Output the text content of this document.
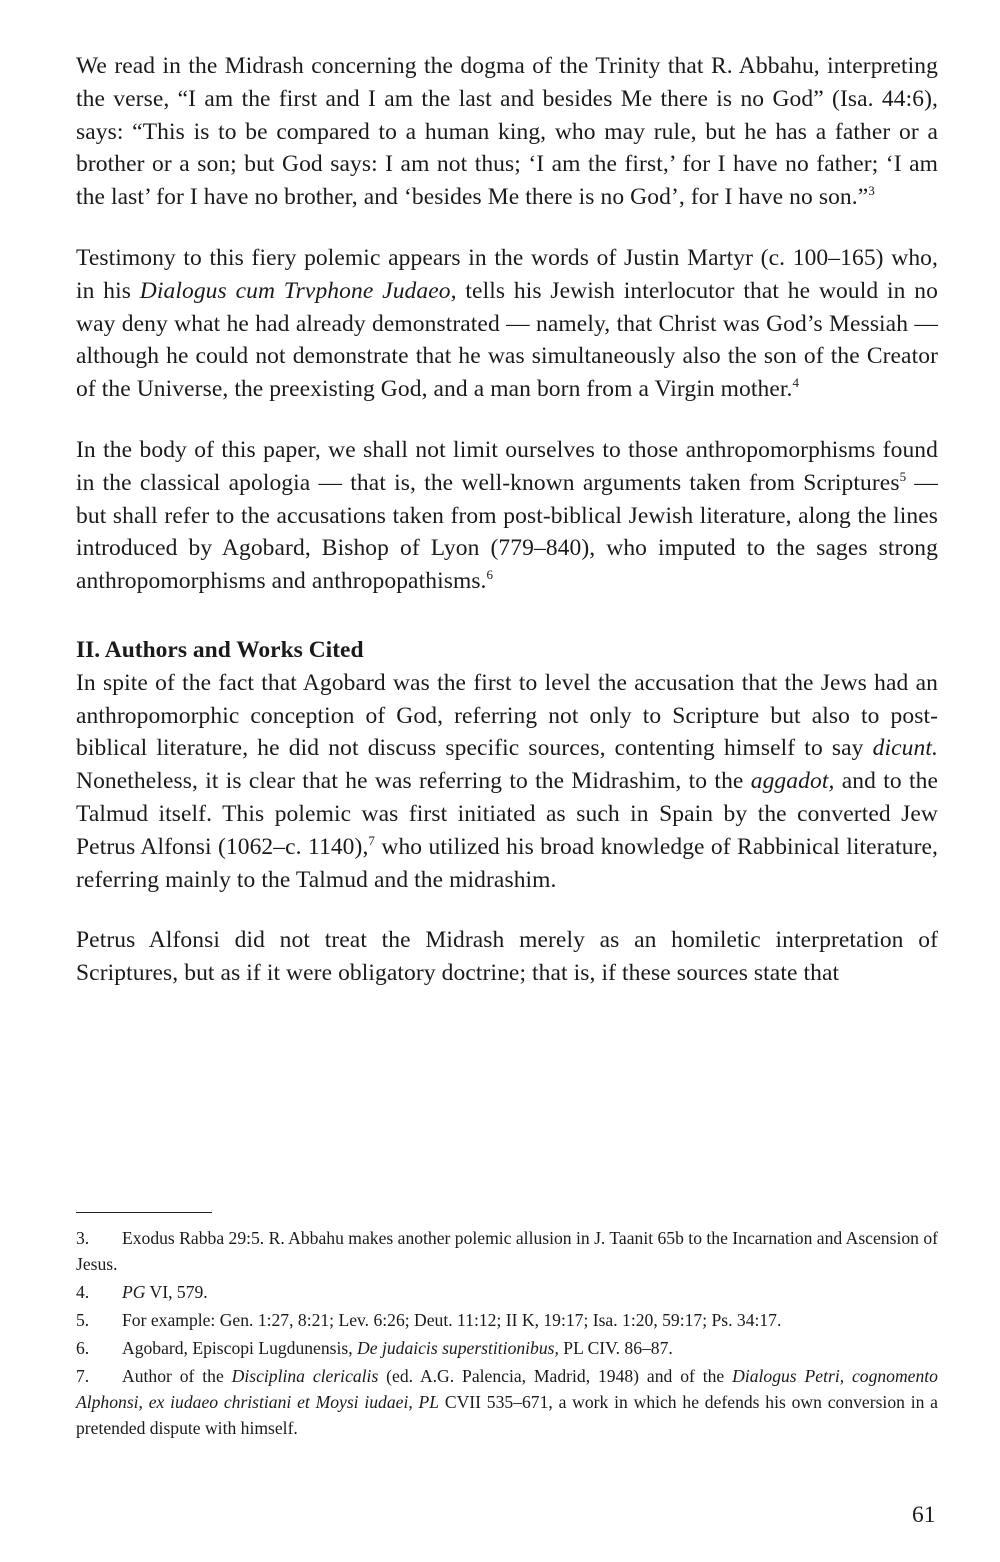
We read in the Midrash concerning the dogma of the Trinity that R. Abbahu, interpreting the verse, “I am the first and I am the last and besides Me there is no God” (Isa. 44:6), says: “This is to be compared to a human king, who may rule, but he has a father or a brother or a son; but God says: I am not thus; ‘I am the first,’ for I have no father; ‘I am the last’ for I have no brother, and ‘besides Me there is no God’, for I have no son.”$^3$

Testimony to this fiery polemic appears in the words of Justin Martyr (c. 100–165) who, in his Dialogus cum Trvphone Judaeo, tells his Jewish interlocutor that he would in no way deny what he had already demonstrated — namely, that Christ was God’s Messiah — although he could not demonstrate that he was simultaneously also the son of the Creator of the Universe, the preexisting God, and a man born from a Virgin mother.$^4$

In the body of this paper, we shall not limit ourselves to those anthropomorphisms found in the classical apologia — that is, the well-known arguments taken from Scriptures$^5$ — but shall refer to the accusations taken from post-biblical Jewish literature, along the lines introduced by Agobard, Bishop of Lyon (779–840), who imputed to the sages strong anthropomorphisms and anthropopathisms.$^6$

II. Authors and Works Cited

In spite of the fact that Agobard was the first to level the accusation that the Jews had an anthropomorphic conception of God, referring not only to Scripture but also to post-biblical literature, he did not discuss specific sources, contenting himself to say dicunt. Nonetheless, it is clear that he was referring to the Midrashim, to the aggadot, and to the Talmud itself. This polemic was first initiated as such in Spain by the converted Jew Petrus Alfonsi (1062–c. 1140),$^7$ who utilized his broad knowledge of Rabbinical literature, referring mainly to the Talmud and the midrashim.

Petrus Alfonsi did not treat the Midrash merely as an homiletic interpretation of Scriptures, but as if it were obligatory doctrine; that is, if these sources state that

3. Exodus Rabba 29:5. R. Abbahu makes another polemic allusion in J. Taanit 65b to the Incarnation and Ascension of Jesus.

4. PG VI, 579.

5. For example: Gen. 1:27, 8:21; Lev. 6:26; Deut. 11:12; II K, 19:17; Isa. 1:20, 59:17; Ps. 34:17.

6. Agobard, Episcopi Lugdunensis, De judaicis superstitionibus, PL CIV. 86–87.

7. Author of the Disciplina clericalis (ed. A.G. Palencia, Madrid, 1948) and of the Dialogus Petri, cognomento Alphonsi, ex iudaeo christiani et Moysi iudaei, PL CVII 535–671, a work in which he defends his own conversion in a pretended dispute with himself.

61
